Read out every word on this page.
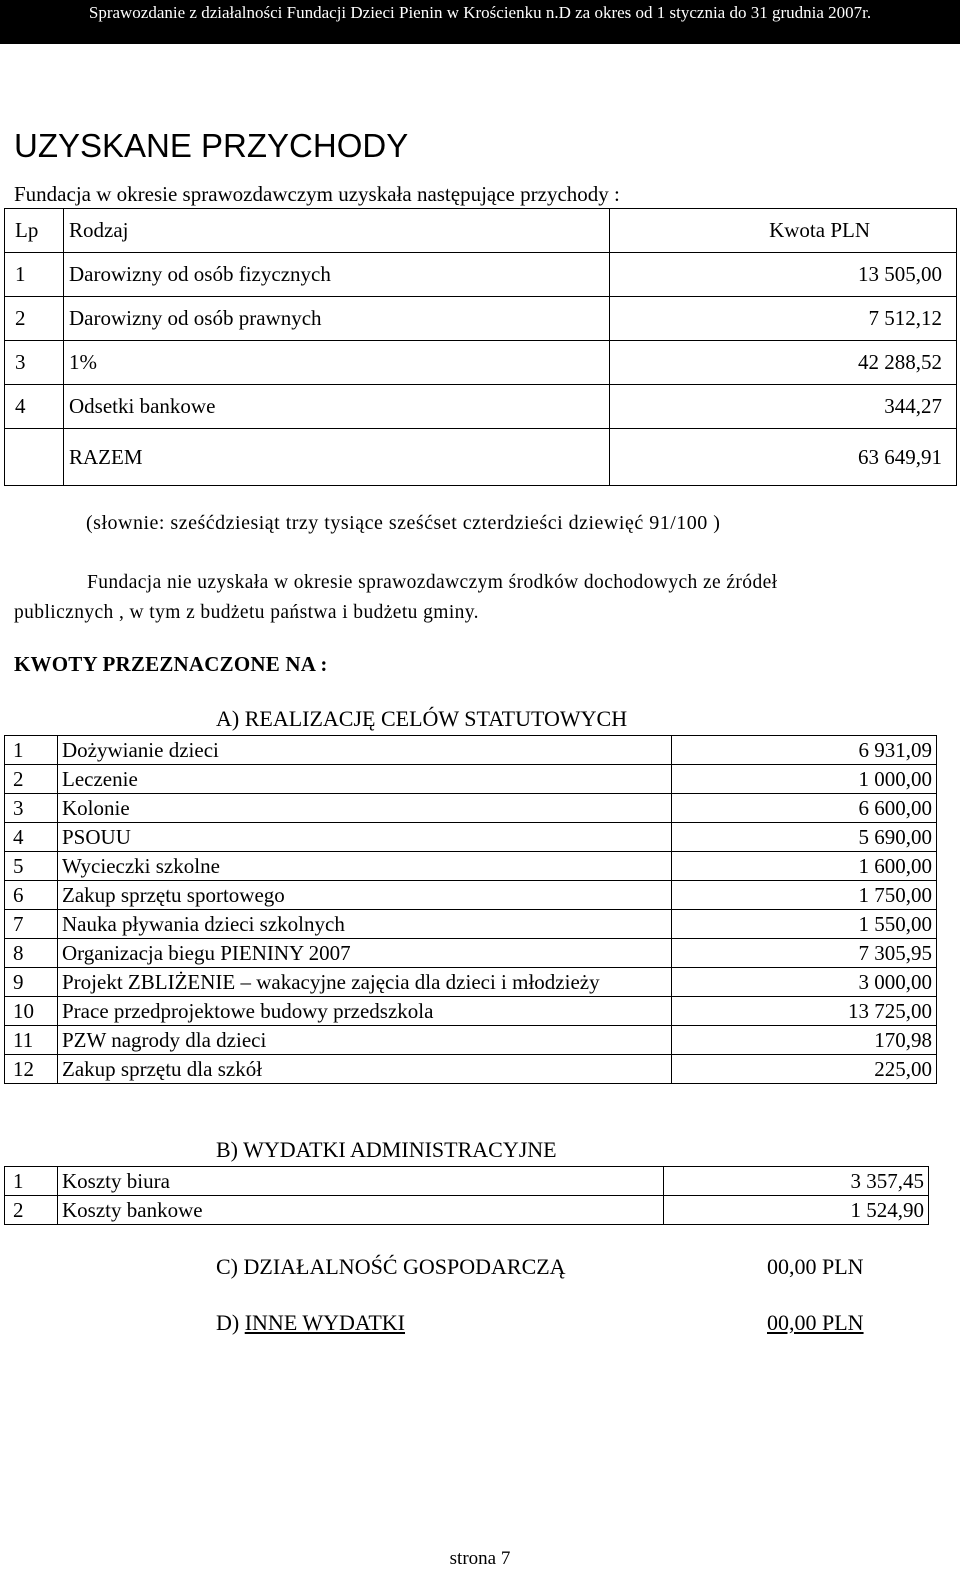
Sprawozdanie z działalności Fundacji Dzieci Pienin w Krościenku n.D za okres od 1 stycznia do 31 grudnia 2007r.
UZYSKANE PRZYCHODY
Fundacja w okresie sprawozdawczym uzyskała następujące przychody :
Lp	Rodzaj	Kwota PLN
1	Darowizny od osób fizycznych	13 505,00
2	Darowizny od osób prawnych	7 512,12
3	1%	42 288,52
4	Odsetki bankowe	344,27
	RAZEM	63 649,91
(słownie: sześćdziesiąt trzy tysiące sześćset czterdzieści dziewięć 91/100 )
Fundacja nie uzyskała w okresie sprawozdawczym środków dochodowych ze źródeł
publicznych , w tym z budżetu państwa i budżetu gminy.
KWOTY PRZEZNACZONE NA :
A) REALIZACJĘ CELÓW STATUTOWYCH
1	Dożywianie dzieci	6 931,09
2	Leczenie	1 000,00
3	Kolonie	6 600,00
4	PSOUU	5 690,00
5	Wycieczki szkolne	1 600,00
6	Zakup sprzętu sportowego	1 750,00
7	Nauka pływania dzieci szkolnych	1 550,00
8	Organizacja biegu PIENINY 2007	7 305,95
9	Projekt ZBLIŻENIE – wakacyjne zajęcia dla dzieci i młodzieży	3 000,00
10	Prace przedprojektowe budowy przedszkola	13 725,00
11	PZW nagrody dla dzieci	170,98
12	Zakup sprzętu dla szkół	225,00
B) WYDATKI ADMINISTRACYJNE
1	Koszty biura	3 357,45
2	Koszty bankowe	1 524,90
C) DZIAŁALNOŚĆ GOSPODARCZĄ	00,00 PLN
D) INNE WYDATKI	00,00 PLN
strona 7
